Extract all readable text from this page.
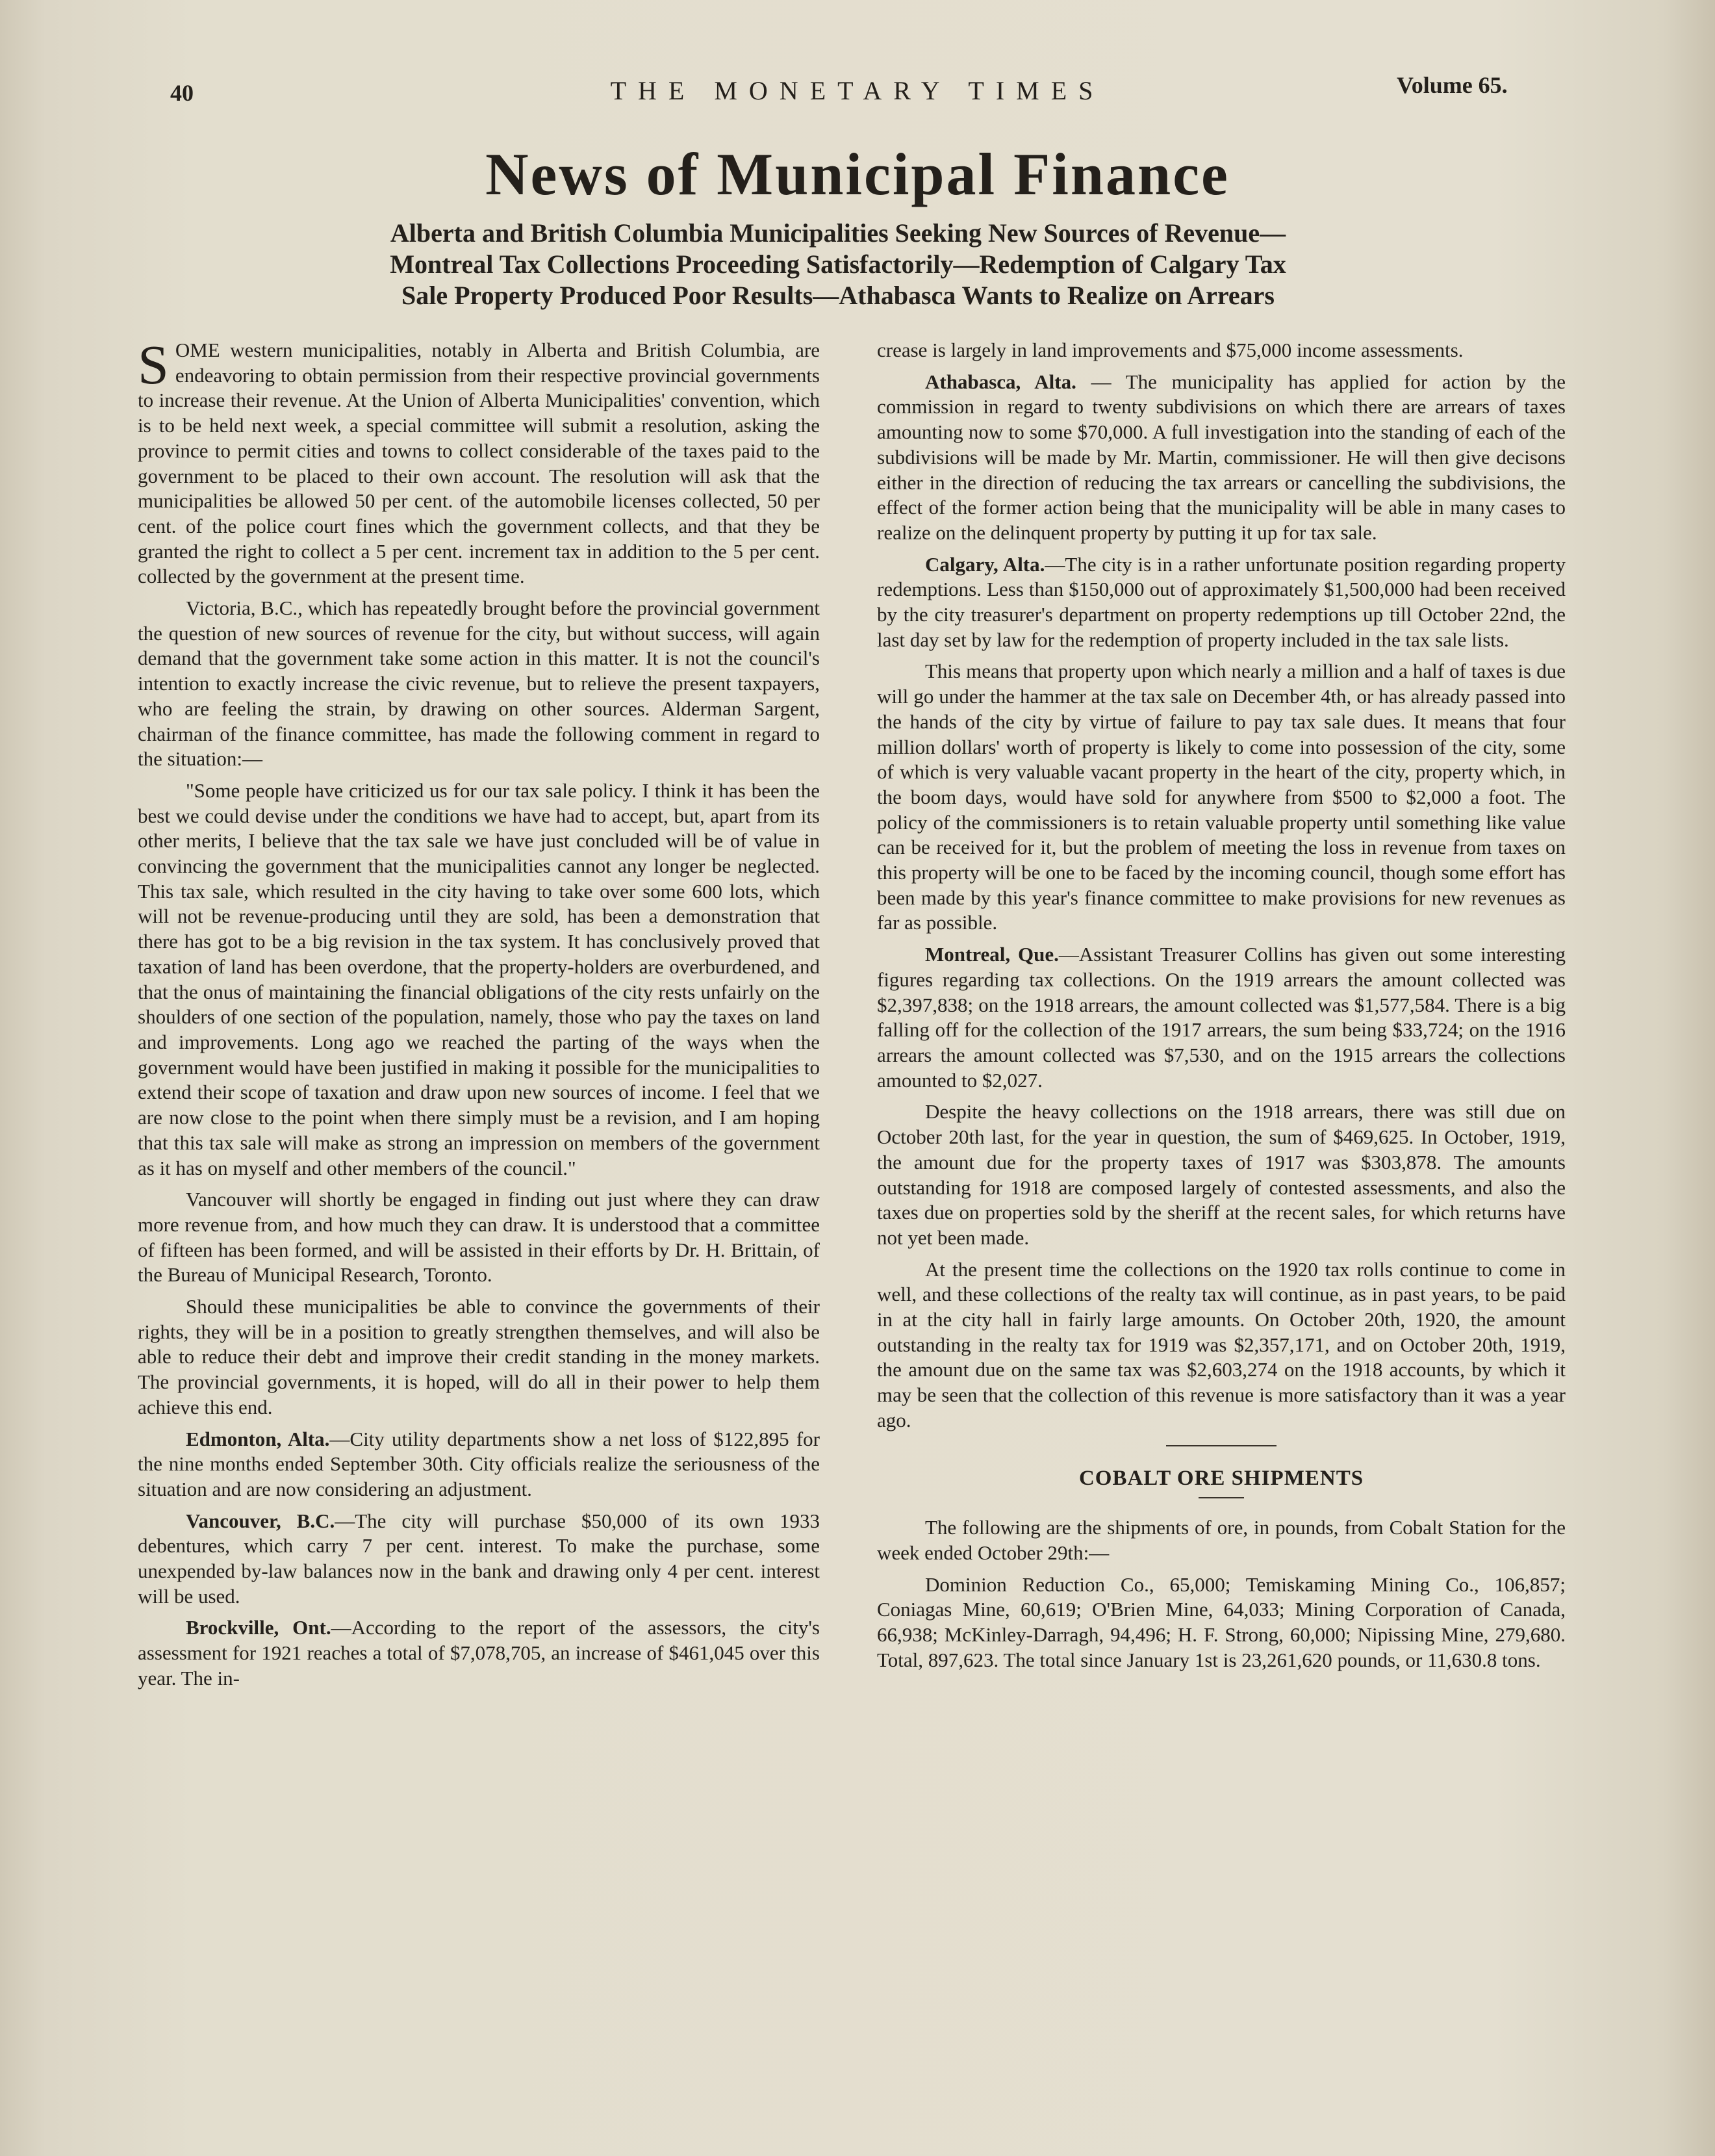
40	THE MONETARY TIMES	Volume 65.
News of Municipal Finance
Alberta and British Columbia Municipalities Seeking New Sources of Revenue—
Montreal Tax Collections Proceeding Satisfactorily—Redemption of Calgary Tax
Sale Property Produced Poor Results—Athabasca Wants to Realize on Arrears

SOME western municipalities, notably in Alberta and British Columbia, are endeavoring to obtain permission from their respective provincial governments to increase their revenue. At the Union of Alberta Municipalities' convention, which is to be held next week, a special committee will submit a resolution, asking the province to permit cities and towns to collect considerable of the taxes paid to the government to be placed to their own account. The resolution will ask that the municipalities be allowed 50 per cent. of the automobile licenses collected, 50 per cent. of the police court fines which the government collects, and that they be granted the right to collect a 5 per cent. increment tax in addition to the 5 per cent. collected by the government at the present time.

Victoria, B.C., which has repeatedly brought before the provincial government the question of new sources of revenue for the city, but without success, will again demand that the government take some action in this matter. It is not the council's intention to exactly increase the civic revenue, but to relieve the present taxpayers, who are feeling the strain, by drawing on other sources. Alderman Sargent, chairman of the finance committee, has made the following comment in regard to the situation:—

"Some people have criticized us for our tax sale policy. I think it has been the best we could devise under the conditions we have had to accept, but, apart from its other merits, I believe that the tax sale we have just concluded will be of value in convincing the government that the municipalities cannot any longer be neglected. This tax sale, which resulted in the city having to take over some 600 lots, which will not be revenue-producing until they are sold, has been a demonstration that there has got to be a big revision in the tax system. It has conclusively proved that taxation of land has been overdone, that the property-holders are overburdened, and that the onus of maintaining the financial obligations of the city rests unfairly on the shoulders of one section of the population, namely, those who pay the taxes on land and improvements. Long ago we reached the parting of the ways when the government would have been justified in making it possible for the municipalities to extend their scope of taxation and draw upon new sources of income. I feel that we are now close to the point when there simply must be a revision, and I am hoping that this tax sale will make as strong an impression on members of the government as it has on myself and other members of the council."

Vancouver will shortly be engaged in finding out just where they can draw more revenue from, and how much they can draw. It is understood that a committee of fifteen has been formed, and will be assisted in their efforts by Dr. H. Brittain, of the Bureau of Municipal Research, Toronto.

Should these municipalities be able to convince the governments of their rights, they will be in a position to greatly strengthen themselves, and will also be able to reduce their debt and improve their credit standing in the money markets. The provincial governments, it is hoped, will do all in their power to help them achieve this end.

Edmonton, Alta.—City utility departments show a net loss of $122,895 for the nine months ended September 30th. City officials realize the seriousness of the situation and are now considering an adjustment.

Vancouver, B.C.—The city will purchase $50,000 of its own 1933 debentures, which carry 7 per cent. interest. To make the purchase, some unexpended by-law balances now in the bank and drawing only 4 per cent. interest will be used.

Brockville, Ont.—According to the report of the assessors, the city's assessment for 1921 reaches a total of $7,078,705, an increase of $461,045 over this year. The in-

crease is largely in land improvements and $75,000 income assessments.

Athabasca, Alta. — The municipality has applied for action by the commission in regard to twenty subdivisions on which there are arrears of taxes amounting now to some $70,000. A full investigation into the standing of each of the subdivisions will be made by Mr. Martin, commissioner. He will then give decisons either in the direction of reducing the tax arrears or cancelling the subdivisions, the effect of the former action being that the municipality will be able in many cases to realize on the delinquent property by putting it up for tax sale.

Calgary, Alta.—The city is in a rather unfortunate position regarding property redemptions. Less than $150,000 out of approximately $1,500,000 had been received by the city treasurer's department on property redemptions up till October 22nd, the last day set by law for the redemption of property included in the tax sale lists.

This means that property upon which nearly a million and a half of taxes is due will go under the hammer at the tax sale on December 4th, or has already passed into the hands of the city by virtue of failure to pay tax sale dues. It means that four million dollars' worth of property is likely to come into possession of the city, some of which is very valuable vacant property in the heart of the city, property which, in the boom days, would have sold for anywhere from $500 to $2,000 a foot. The policy of the commissioners is to retain valuable property until something like value can be received for it, but the problem of meeting the loss in revenue from taxes on this property will be one to be faced by the incoming council, though some effort has been made by this year's finance committee to make provisions for new revenues as far as possible.

Montreal, Que.—Assistant Treasurer Collins has given out some interesting figures regarding tax collections. On the 1919 arrears the amount collected was $2,397,838; on the 1918 arrears, the amount collected was $1,577,584. There is a big falling off for the collection of the 1917 arrears, the sum being $33,724; on the 1916 arrears the amount collected was $7,530, and on the 1915 arrears the collections amounted to $2,027.

Despite the heavy collections on the 1918 arrears, there was still due on October 20th last, for the year in question, the sum of $469,625. In October, 1919, the amount due for the property taxes of 1917 was $303,878. The amounts outstanding for 1918 are composed largely of contested assessments, and also the taxes due on properties sold by the sheriff at the recent sales, for which returns have not yet been made.

At the present time the collections on the 1920 tax rolls continue to come in well, and these collections of the realty tax will continue, as in past years, to be paid in at the city hall in fairly large amounts. On October 20th, 1920, the amount outstanding in the realty tax for 1919 was $2,357,171, and on October 20th, 1919, the amount due on the same tax was $2,603,274 on the 1918 accounts, by which it may be seen that the collection of this revenue is more satisfactory than it was a year ago.

COBALT ORE SHIPMENTS

The following are the shipments of ore, in pounds, from Cobalt Station for the week ended October 29th:—

Dominion Reduction Co., 65,000; Temiskaming Mining Co., 106,857; Coniagas Mine, 60,619; O'Brien Mine, 64,033; Mining Corporation of Canada, 66,938; McKinley-Darragh, 94,496; H. F. Strong, 60,000; Nipissing Mine, 279,680. Total, 897,623. The total since January 1st is 23,261,620 pounds, or 11,630.8 tons.
